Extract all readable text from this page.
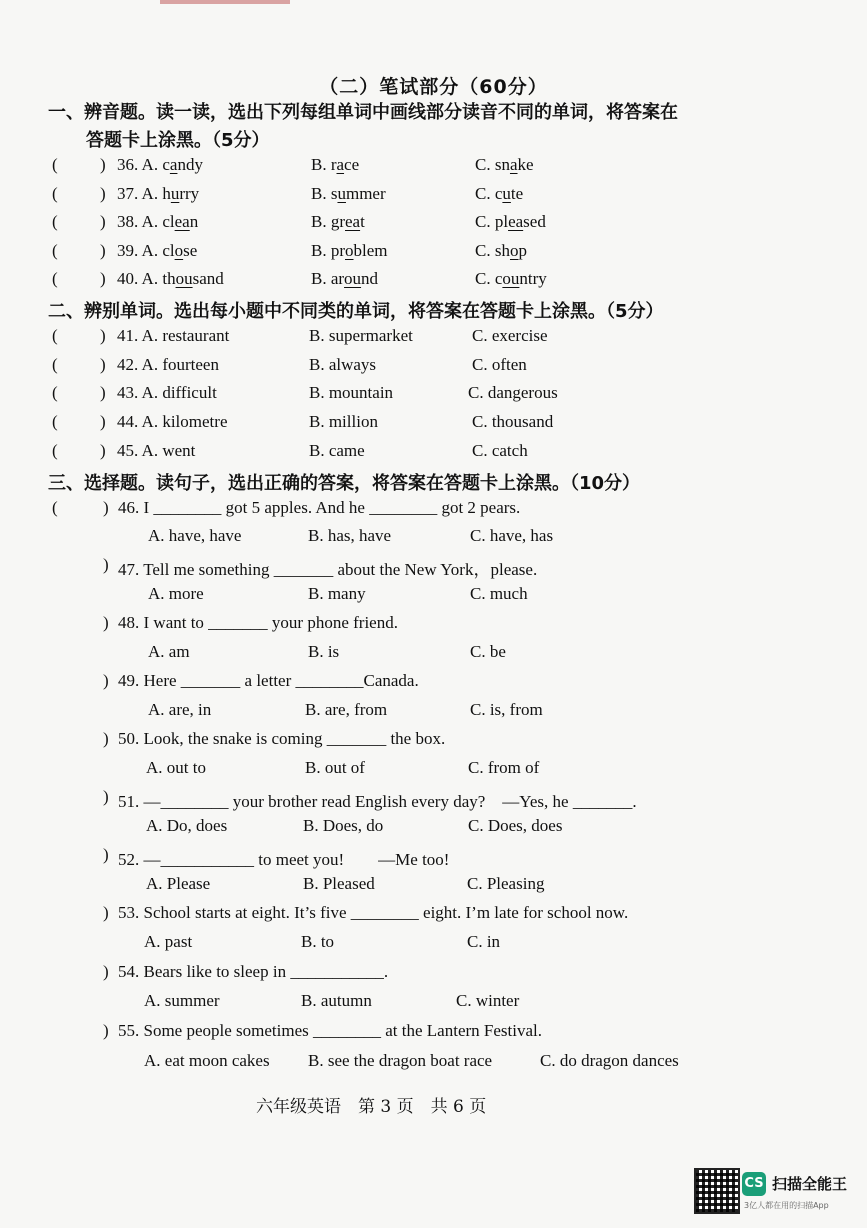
（二）笔试部分（60分）
一、辨音题。读一读，选出下列每组单词中画线部分读音不同的单词，将答案在
答题卡上涂黑。（5分）
( ) 36. A. candy	B. race	C. snake
( ) 37. A. hurry	B. summer	C. cute
( ) 38. A. clean	B. great	C. pleased
( ) 39. A. close	B. problem	C. shop
( ) 40. A. thousand	B. around	C. country
二、辨别单词。选出每小题中不同类的单词，将答案在答题卡上涂黑。（5分）
( ) 41. A. restaurant	B. supermarket	C. exercise
( ) 42. A. fourteen	B. always	C. often
( ) 43. A. difficult	B. mountain	C. dangerous
( ) 44. A. kilometre	B. million	C. thousand
( ) 45. A. went	B. came	C. catch
三、选择题。读句子，选出正确的答案，将答案在答题卡上涂黑。（10分）
(	) 46. I ________ got 5 apples. And he ________ got 2 pears.
A. have, have	B. has, have	C. have, has
) 47. Tell me something _______ about the New York，please.
A. more	B. many	C. much
) 48. I want to _______ your phone friend.
A. am	B. is	C. be
) 49. Here _______ a letter ________Canada.
A. are, in	B. are, from	C. is, from
) 50. Look, the snake is coming _______ the box.
A. out to	B. out of	C. from of
) 51. —________ your brother read English every day?　—Yes, he _______.
A. Do, does	B. Does, do	C. Does, does
) 52. —___________ to meet you!　　—Me too!
A. Please	B. Pleased	C. Pleasing
) 53. School starts at eight. It’s five ________ eight. I’m late for school now.
A. past	B. to	C. in
) 54. Bears like to sleep in ___________.
A. summer	B. autumn	C. winter
) 55. Some people sometimes ________ at the Lantern Festival.
A. eat moon cakes B. see the dragon boat race	C. do dragon dances
六年级英语　第 3 页　共 6 页
CS 扫描全能王
3亿人都在用的扫描App
